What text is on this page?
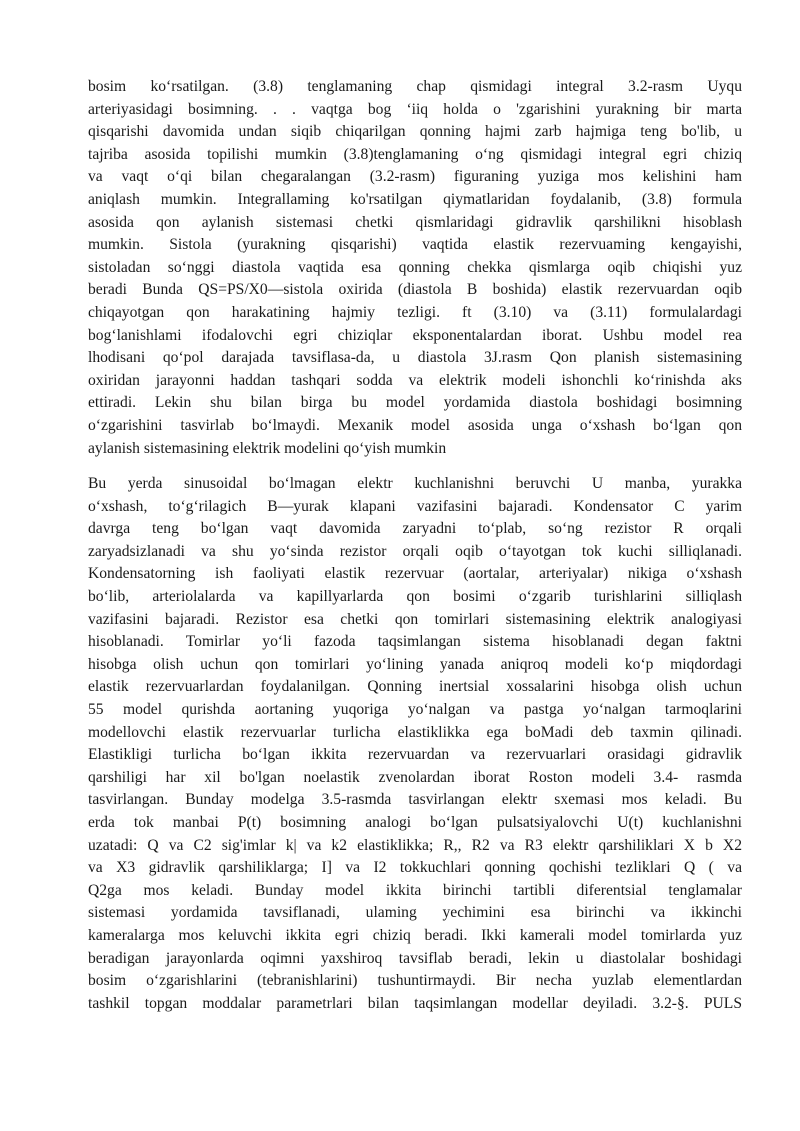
bosim ko‘rsatilgan. (3.8) tenglamaning chap qismidagi integral 3.2-rasm Uyqu
arteriyasidagi bosimning. . . vaqtga bog ‘iiq holda o 'zgarishini yurakning bir marta
qisqarishi davomida undan siqib chiqarilgan qonning hajmi zarb hajmiga teng bo'lib, u
tajriba asosida topilishi mumkin (3.8)tenglamaning o‘ng qismidagi integral egri chiziq
va vaqt o‘qi bilan chegaralangan (3.2-rasm) figuraning yuziga mos kelishini ham
aniqlash mumkin. Integrallaming ko'rsatilgan qiymatlaridan foydalanib, (3.8) formula
asosida qon aylanish sistemasi chetki qismlaridagi gidravlik qarshilikni hisoblash
mumkin. Sistola (yurakning qisqarishi) vaqtida elastik rezervuaming kengayishi,
sistoladan so‘nggi diastola vaqtida esa qonning chekka qismlarga oqib chiqishi yuz
beradi Bunda QS=PS/X0—sistola oxirida (diastola B boshida) elastik rezervuardan oqib
chiqayotgan qon harakatining hajmiy tezligi. ft (3.10) va (3.11) formulalardagi
bog‘lanishlami ifodalovchi egri chiziqlar eksponentalardan iborat. Ushbu model rea
lhodisani qo‘pol darajada tavsiflasa-da, u diastola 3J.rasm Qon planish sistemasining
oxiridan jarayonni haddan tashqari sodda va elektrik modeli ishonchli ko‘rinishda aks
ettiradi. Lekin shu bilan birga bu model yordamida diastola boshidagi bosimning
o‘zgarishini tasvirlab bo‘lmaydi. Mexanik model asosida unga o‘xshash bo‘lgan qon
aylanish sistemasining elektrik modelini qo‘yish mumkin
Bu yerda sinusoidal bo‘lmagan elektr kuchlanishni beruvchi U manba, yurakka
o‘xshash, to‘g‘rilagich B—yurak klapani vazifasini bajaradi. Kondensator C yarim
davrga teng bo‘lgan vaqt davomida zaryadni to‘plab, so‘ng rezistor R orqali
zaryadsizlanadi va shu yo‘sinda rezistor orqali oqib o‘tayotgan tok kuchi silliqlanadi.
Kondensatorning ish faoliyati elastik rezervuar (aortalar, arteriyalar) nikiga o‘xshash
bo‘lib, arteriolalarda va kapillyarlarda qon bosimi o‘zgarib turishlarini silliqlash
vazifasini bajaradi. Rezistor esa chetki qon tomirlari sistemasining elektrik analogiyasi
hisoblanadi. Tomirlar yo‘li fazoda taqsimlangan sistema hisoblanadi degan faktni
hisobga olish uchun qon tomirlari yo‘lining yanada aniqroq modeli ko‘p miqdordagi
elastik rezervuarlardan foydalanilgan. Qonning inertsial xossalarini hisobga olish uchun
55 model qurishda aortaning yuqoriga yo‘nalgan va pastga yo‘nalgan tarmoqlarini
modellovchi elastik rezervuarlar turlicha elastiklikka ega boMadi deb taxmin qilinadi.
Elastikligi turlicha bo‘lgan ikkita rezervuardan va rezervuarlari orasidagi gidravlik
qarshiligi har xil bo'lgan noelastik zvenolardan iborat Roston modeli 3.4- rasmda
tasvirlangan. Bunday modelga 3.5-rasmda tasvirlangan elektr sxemasi mos keladi. Bu
erda tok manbai P(t) bosimning analogi bo‘lgan pulsatsiyalovchi U(t) kuchlanishni
uzatadi: Q va C2 sig'imlar k| va k2 elastiklikka; R,, R2 va R3 elektr qarshiliklari X b X2
va X3 gidravlik qarshiliklarga; I] va I2 tokkuchlari qonning qochishi tezliklari Q ( va
Q2ga mos keladi. Bunday model ikkita birinchi tartibli diferentsial tenglamalar
sistemasi yordamida tavsiflanadi, ulaming yechimini esa birinchi va ikkinchi
kameralarga mos keluvchi ikkita egri chiziq beradi. Ikki kamerali model tomirlarda yuz
beradigan jarayonlarda oqimni yaxshiroq tavsiflab beradi, lekin u diastolalar boshidagi
bosim o‘zgarishlarini (tebranishlarini) tushuntirmaydi. Bir necha yuzlab elementlardan
tashkil topgan moddalar parametrlari bilan taqsimlangan modellar deyiladi. 3.2-§. PULS
